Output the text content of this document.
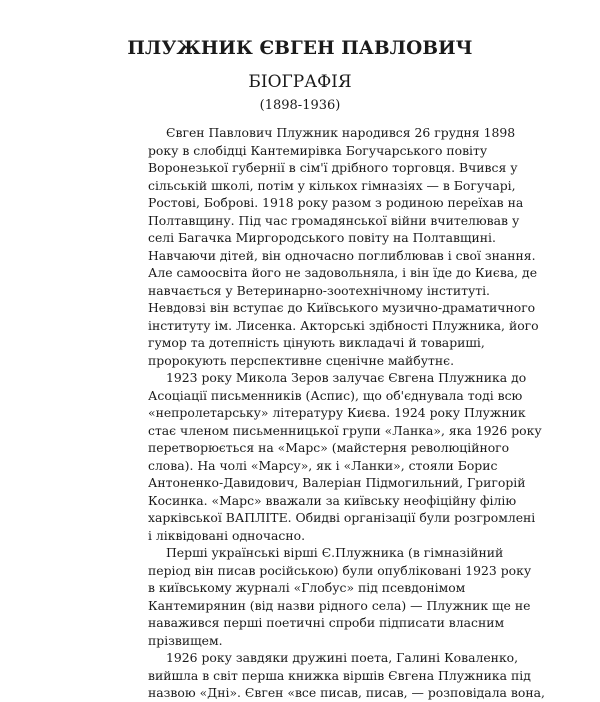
ПЛУЖНИК ЄВГЕН ПАВЛОВИЧ
БІОГРАФІЯ
(1898-1936)
Євген Павлович Плужник народився 26 грудня 1898
року в слобідці Кантемирівка Богучарського повіту
Воронезької губернії в сім'ї дрібного торговця. Вчився у
сільській школі, потім у кількох гімназіях — в Богучарі,
Ростові, Боброві. 1918 року разом з родиною переїхав на
Полтавщину. Під час громадянської війни вчителював у
селі Багачка Миргородського повіту на Полтавщині.
Навчаючи дітей, він одночасно поглиблював і свої знання.
Але самоосвіта його не задовольняла, і він їде до Києва, де
навчається у Ветеринарно-зоотехнічному інституті.
Невдовзі він вступає до Київського музично-драматичного
інституту ім. Лисенка. Акторські здібності Плужника, його
гумор та дотепність цінують викладачі й товариші,
пророкують перспективне сценічне майбутнє.
1923 року Микола Зеров залучає Євгена Плужника до
Асоціації письменників (Аспис), що об'єднувала тоді всю
«непролетарську» літературу Києва. 1924 року Плужник
стає членом письменницької групи «Ланка», яка 1926 року
перетворюється на «Марс» (майстерня революційного
слова). На чолі «Марсу», як і «Ланки», стояли Борис
Антоненко-Давидович, Валеріан Підмогильний, Григорій
Косинка. «Марс» вважали за київську неофіційну філію
харківської ВАПЛІТЕ. Обидві організації були розгромлені
і ліквідовані одночасно.
Перші українські вірші Є.Плужника (в гімназійний
період він писав російською) були опубліковані 1923 року
в київському журналі «Глобус» під псевдонімом
Кантемирянин (від назви рідного села) — Плужник ще не
наважився перші поетичні спроби підписати власним
прізвищем.
1926 року завдяки дружині поета, Галині Коваленко,
вийшла в світ перша книжка віршів Євгена Плужника під
назвою «Дні». Євген «все писав, писав, — розповідала вона,
